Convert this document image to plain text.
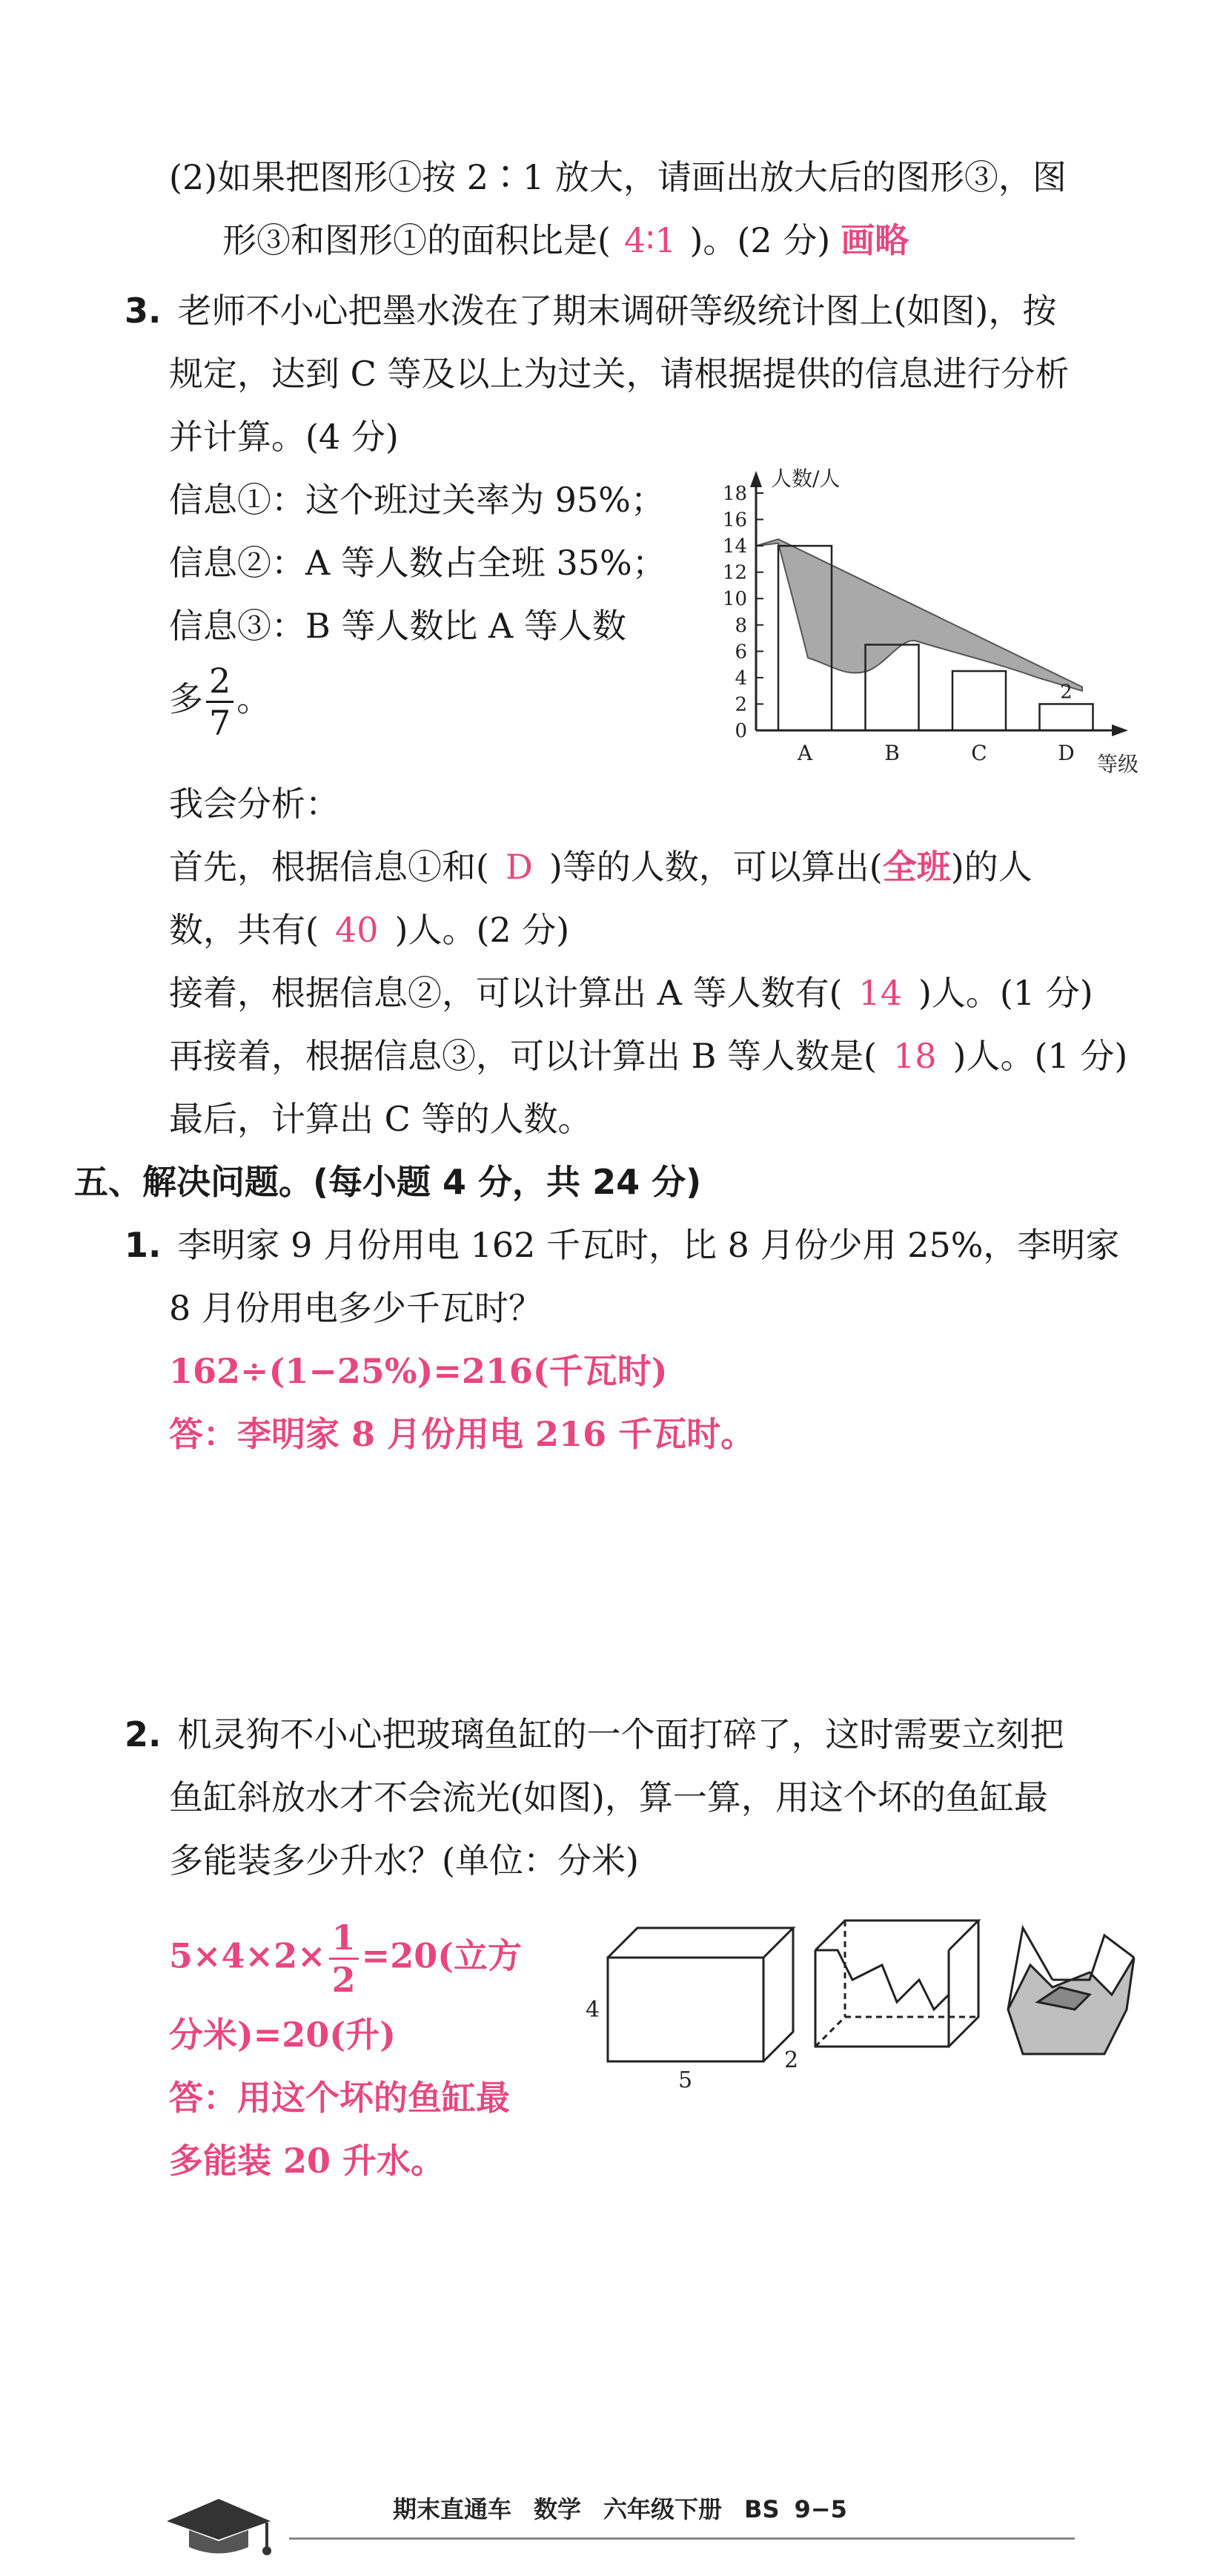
(2)如果把图形①按 2∶1 放大，请画出放大后的图形③，图
形③和图形①的面积比是( 4∶1 )。(2 分) 画略
3. 老师不小心把墨水泼在了期末调研等级统计图上(如图)，按
规定，达到 C 等及以上为过关，请根据提供的信息进行分析
并计算。(4 分)
信息①：这个班过关率为 95%；
信息②：A 等人数占全班 35%；
信息③：B 等人数比 A 等人数
多 $\frac{2}{7}$ 。
0
2
4
6
8
10
12
14
16
18
A	B	C	D
2
人数/人
等级
我会分析：
首先，根据信息①和( D )等的人数，可以算出(全班)的人
数，共有( 40 )人。(2 分)
接着，根据信息②，可以计算出 A 等人数有( 14 )人。(1 分)
再接着，根据信息③，可以计算出 B 等人数是( 18 )人。(1 分)
最后，计算出 C 等的人数。
五、解决问题。(每小题 4 分，共 24 分)
1. 李明家 9 月份用电 162 千瓦时，比 8 月份少用 25%，李明家
8 月份用电多少千瓦时？
162÷(1−25%)=216(千瓦时)
答：李明家 8 月份用电 216 千瓦时。
2. 机灵狗不小心把玻璃鱼缸的一个面打碎了，这时需要立刻把
鱼缸斜放水才不会流光(如图)，算一算，用这个坏的鱼缸最
多能装多少升水？(单位：分米)
$5\times 4\times 2\times \frac{1}{2} =20$(立方
分米)=20(升)
答：用这个坏的鱼缸最
多能装 20 升水。
4
5
2
期末直通车 数学 六年级下册 BS 9−5
